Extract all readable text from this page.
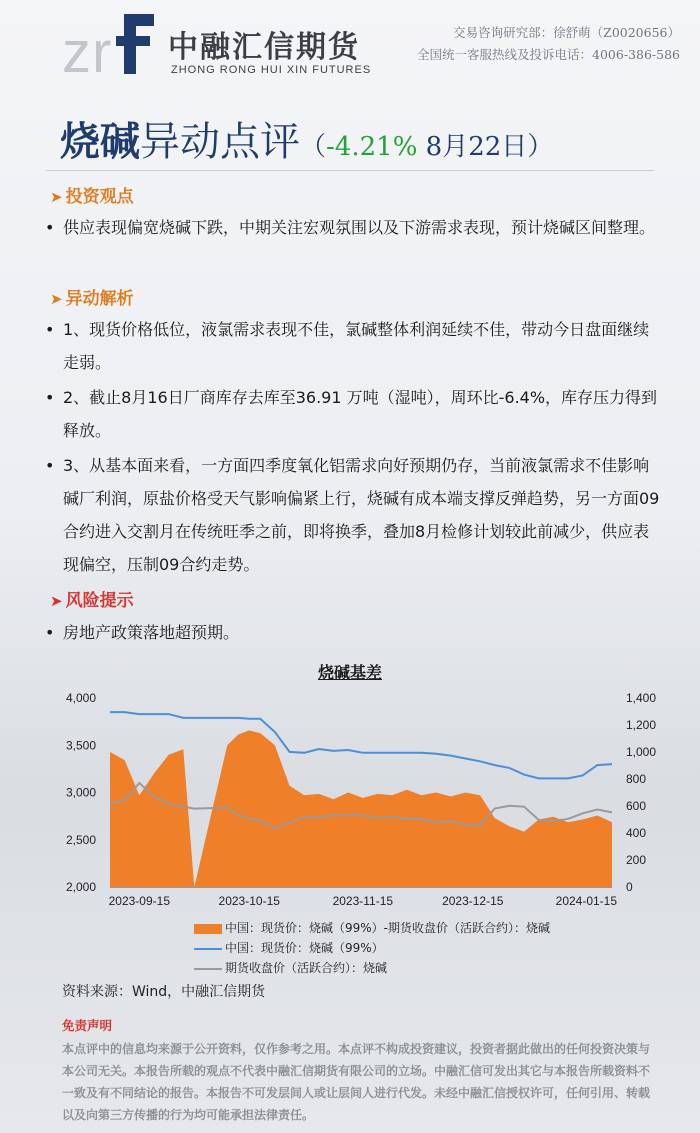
z r 中融汇信期货
ZHONG RONG HUI XIN FUTURES
交易咨询研究部：徐舒萌（Z0020656）
全国统一客服热线及投诉电话：4006-386-586
烧碱异动点评（-4.21% 8月22日）
➤ 投资观点
• 供应表现偏宽烧碱下跌，中期关注宏观氛围以及下游需求表现，预计烧碱区间整理。
➤ 异动解析
• 1、现货价格低位，液氯需求表现不佳，氯碱整体利润延续不佳，带动今日盘面继续走弱。
• 2、截止8月16日厂商库存去库至36.91 万吨（湿吨），周环比-6.4%，库存压力得到释放。
• 3、从基本面来看，一方面四季度氧化铝需求向好预期仍存，当前液氯需求不佳影响碱厂利润，原盐价格受天气影响偏紧上行，烧碱有成本端支撑反弹趋势，另一方面09合约进入交割月在传统旺季之前，即将换季，叠加8月检修计划较此前减少，供应表现偏空，压制09合约走势。
➤ 风险提示
• 房地产政策落地超预期。
烧碱基差
2,000
2,500
3,000
3,500
4,000
0
200
400
600
800
1,000
1,200
1,400
2023-09-15	2023-10-15	2023-11-15	2023-12-15	2024-01-15
中国：现货价：烧碱（99%）-期货收盘价（活跃合约）：烧碱
中国：现货价：烧碱（99%）
期货收盘价（活跃合约）：烧碱
资料来源：Wind，中融汇信期货
免责声明
本点评中的信息均来源于公开资料，仅作参考之用。本点评不构成投资建议，投资者据此做出的任何投资决策与本公司无关。本报告所载的观点不代表中融汇信期货有限公司的立场。中融汇信可发出其它与本报告所载资料不一致及有不同结论的报告。本报告不可发层间人或让层间人进行代发。未经中融汇信授权许可，任何引用、转载以及向第三方传播的行为均可能承担法律责任。
